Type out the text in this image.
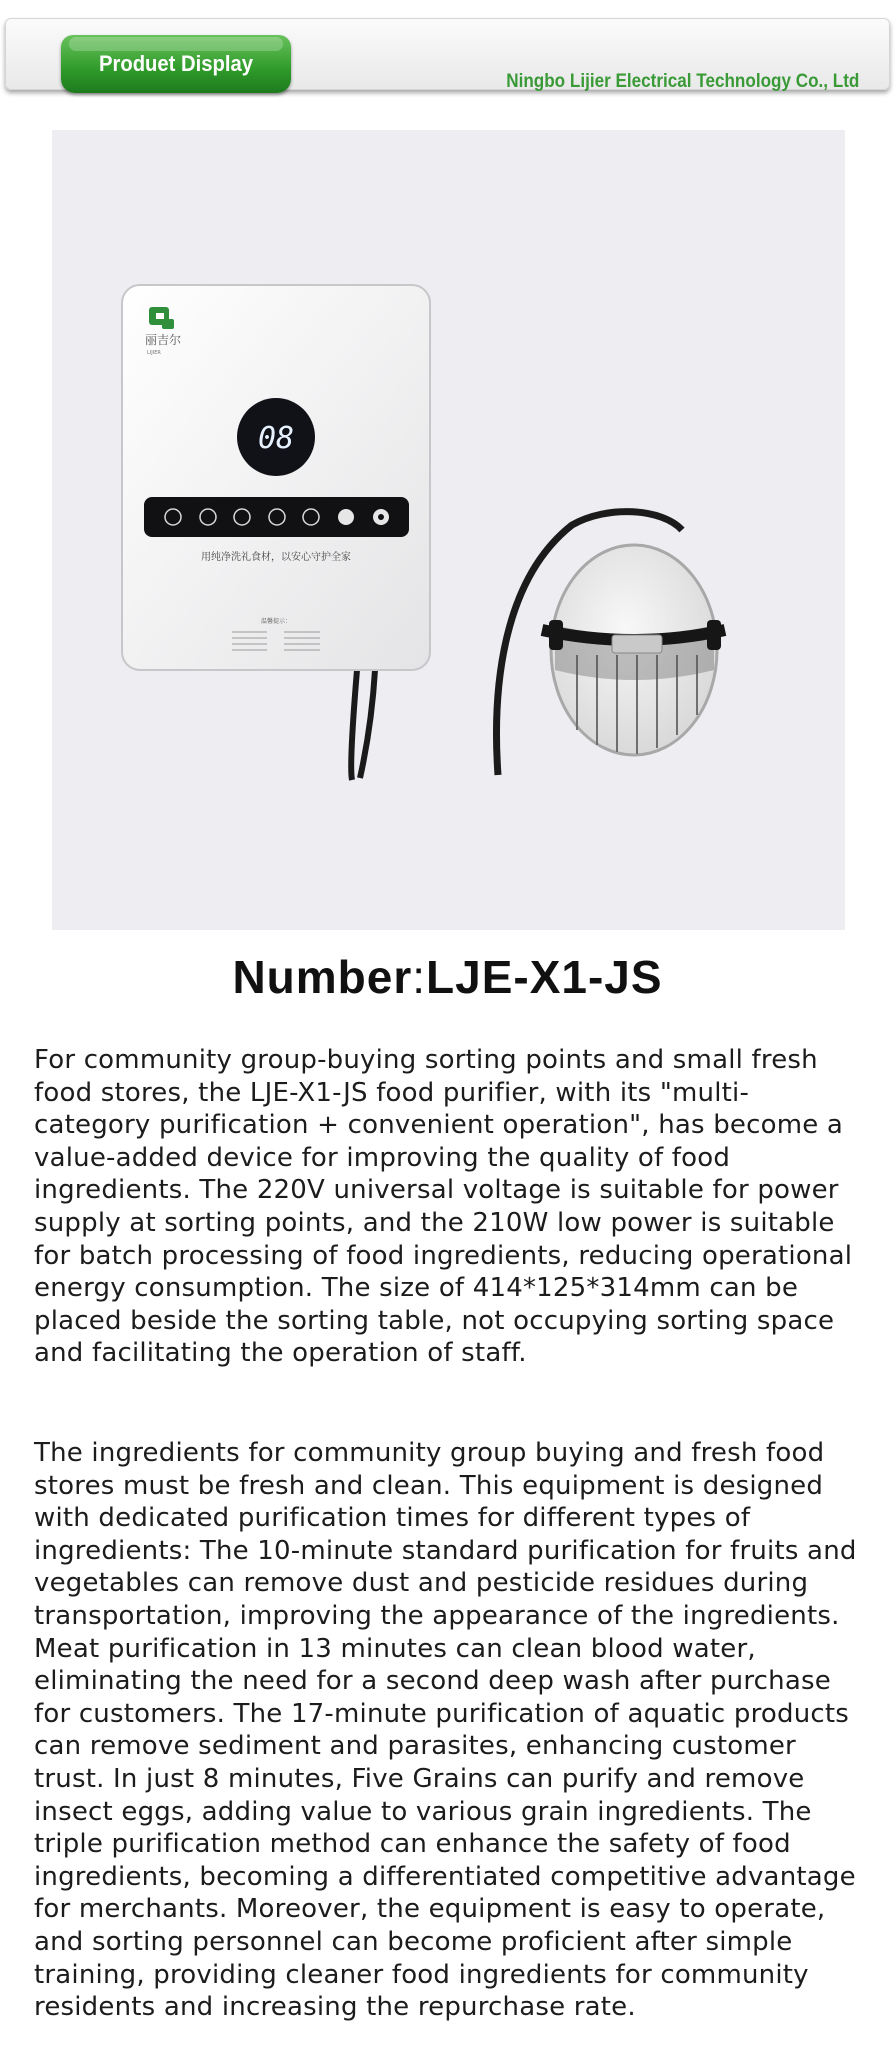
Produet Display
Ningbo Lijier Electrical Technology Co., Ltd
丽吉尔
LIJIER
08
用纯净洗礼食材，以安心守护全家
温馨提示：
Number:LJE-X1-JS
For community group-buying sorting points and small fresh food stores, the LJE-X1-JS food purifier, with its "multi-category purification + convenient operation", has become a value-added device for improving the quality of food ingredients. The 220V universal voltage is suitable for power supply at sorting points, and the 210W low power is suitable for batch processing of food ingredients, reducing operational energy consumption. The size of 414*125*314mm can be placed beside the sorting table, not occupying sorting space and facilitating the operation of staff.
The ingredients for community group buying and fresh food stores must be fresh and clean. This equipment is designed with dedicated purification times for different types of ingredients: The 10-minute standard purification for fruits and vegetables can remove dust and pesticide residues during transportation, improving the appearance of the ingredients. Meat purification in 13 minutes can clean blood water, eliminating the need for a second deep wash after purchase for customers. The 17-minute purification of aquatic products can remove sediment and parasites, enhancing customer trust. In just 8 minutes, Five Grains can purify and remove insect eggs, adding value to various grain ingredients. The triple purification method can enhance the safety of food ingredients, becoming a differentiated competitive advantage for merchants. Moreover, the equipment is easy to operate, and sorting personnel can become proficient after simple training, providing cleaner food ingredients for community residents and increasing the repurchase rate.
